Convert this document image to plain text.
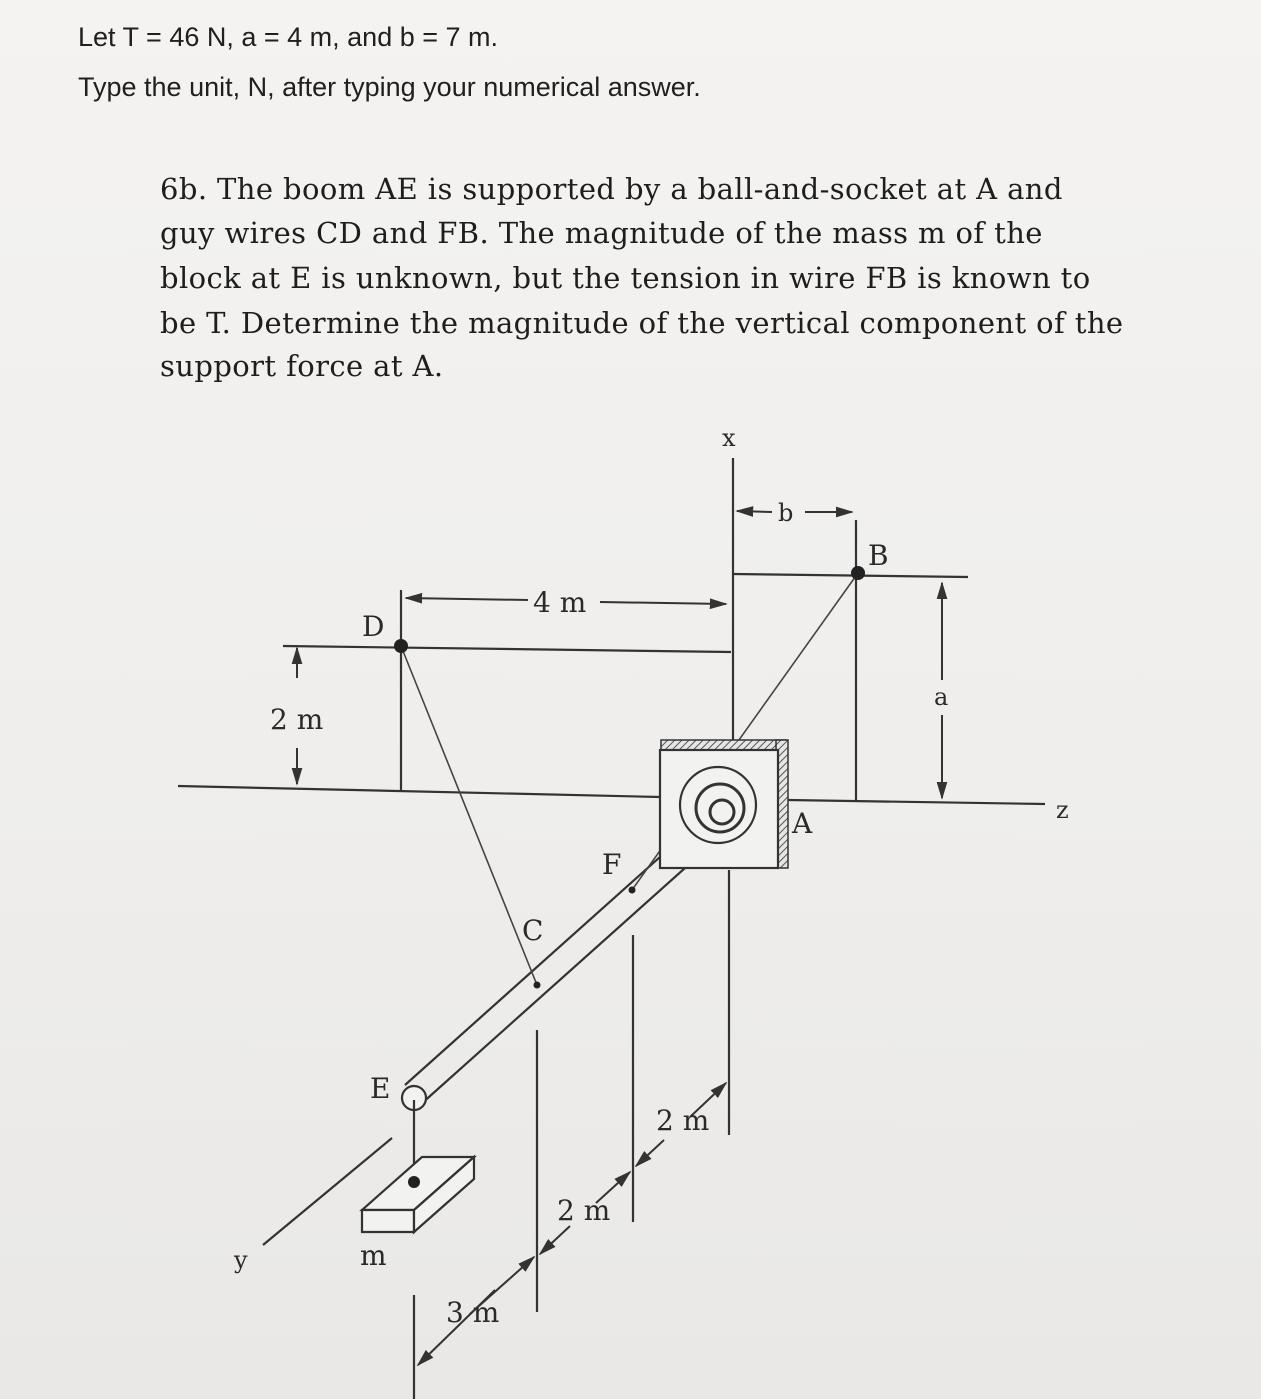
Let T = 46 N, a = 4 m, and b = 7 m.

Type the unit, N, after typing your numerical answer.

6b. The boom AE is supported by a ball-and-socket at A and

guy wires CD and FB. The magnitude of the mass m of the

block at E is unknown, but the tension in wire FB is known to

be T. Determine the magnitude of the vertical component of the

support force at A.

b
a
4 m
2 m
x
z
y
B
D
A
F
C
E
m
2 m
2 m
3 m
